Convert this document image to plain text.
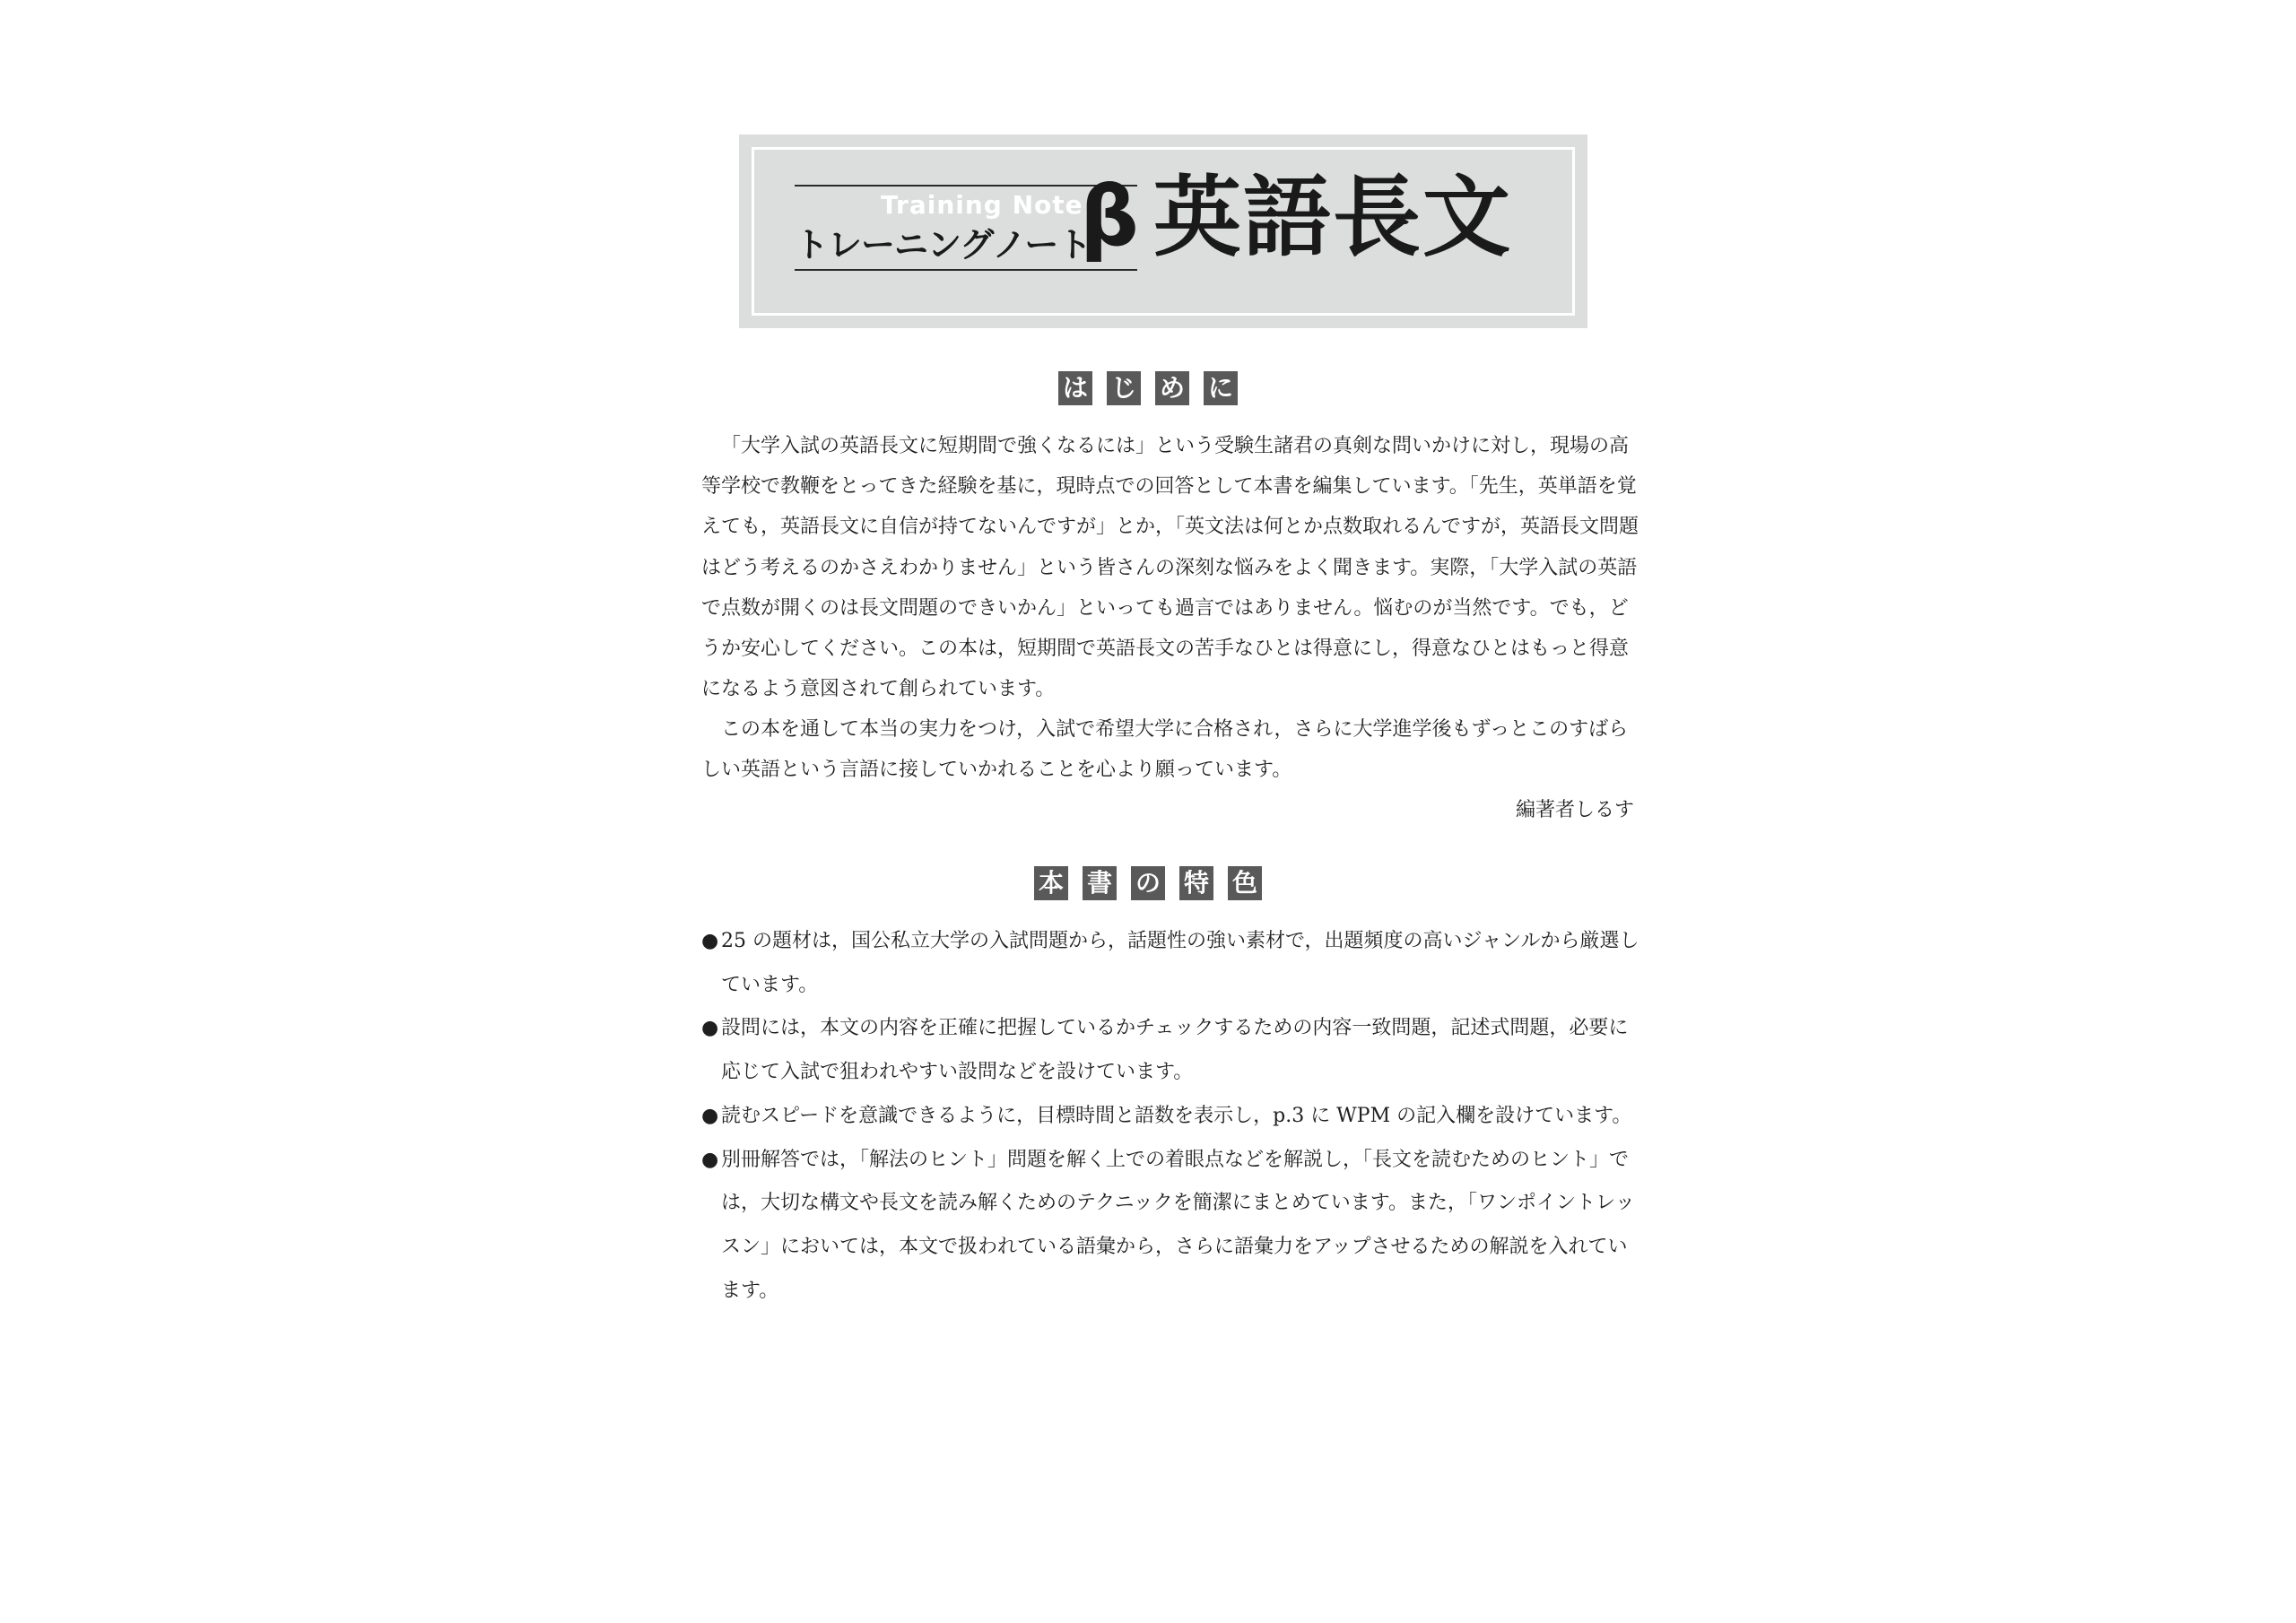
Training Note
トレーニングノート
β 英語長文
は じ め に

「大学入試の英語長文に短期間で強くなるには」という受験生諸君の真剣な問いかけに対し，現場の高等学校で教鞭をとってきた経験を基に，現時点での回答として本書を編集しています。「先生，英単語を覚えても，英語長文に自信が持てないんですが」とか，「英文法は何とか点数取れるんですが，英語長文問題はどう考えるのかさえわかりません」という皆さんの深刻な悩みをよく聞きます。実際，「大学入試の英語で点数が開くのは長文問題のできいかん」といっても過言ではありません。悩むのが当然です。でも，どうか安心してください。この本は，短期間で英語長文の苦手なひとは得意にし，得意なひとはもっと得意になるよう意図されて創られています。

この本を通して本当の実力をつけ，入試で希望大学に合格され，さらに大学進学後もずっとこのすばらしい英語という言語に接していかれることを心より願っています。

編著者しるす
本 書 の 特 色
● 25 の題材は，国公私立大学の入試問題から，話題性の強い素材で，出題頻度の高いジャンルから厳選しています。
● 設問には，本文の内容を正確に把握しているかチェックするための内容一致問題，記述式問題，必要に応じて入試で狙われやすい設問などを設けています。
● 読むスピードを意識できるように，目標時間と語数を表示し，p.3 に WPM の記入欄を設けています。
● 別冊解答では，「解法のヒント」問題を解く上での着眼点などを解説し，「長文を読むためのヒント」では，大切な構文や長文を読み解くためのテクニックを簡潔にまとめています。また，「ワンポイントレッスン」においては，本文で扱われている語彙から，さらに語彙力をアップさせるための解説を入れています。
